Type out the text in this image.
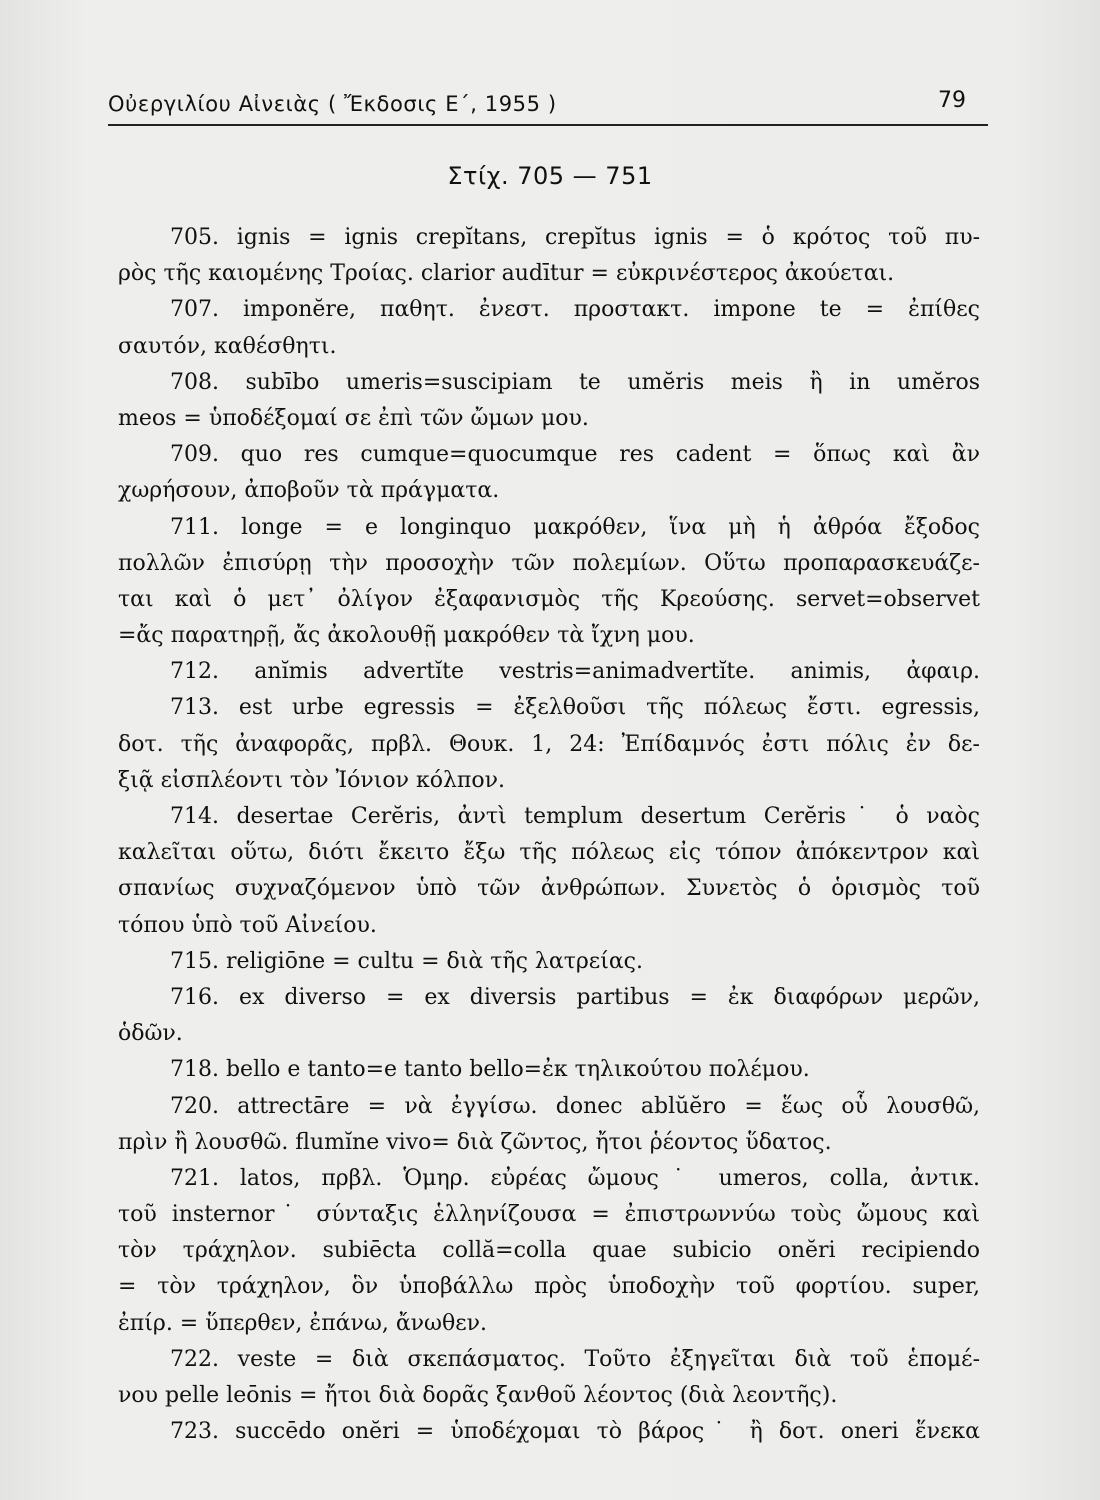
Οὐεργιλίου Αἰνειὰς ( Ἔκδοσις Ε΄, 1955 )	79
Στίχ. 705 — 751
705. ignis = ignis crepĭtans, crepĭtus ignis = ὁ κρότος τοῦ πυ-
ρὸς τῆς καιομένης Τροίας. clarior audītur = εὐκρινέστερος ἀκούεται.
707. imponĕre, παθητ. ἐνεστ. προστακτ. impone te = ἐπίθες
σαυτόν, καθέσθητι.
708. subībo umeris=suscipiam te umĕris meis ἢ in umĕros
meos = ὑποδέξομαί σε ἐπὶ τῶν ὤμων μου.
709. quo res cumque=quocumque res cadent = ὅπως καὶ ἂν
χωρήσουν, ἀποβοῦν τὰ πράγματα.
711. longe = e longinquo μακρόθεν, ἵνα μὴ ἡ ἀθρόα ἔξοδος
πολλῶν ἐπισύρῃ τὴν προσοχὴν τῶν πολεμίων. Οὕτω προπαρασκευάζε-
ται καὶ ὁ μετ᾽ ὀλίγον ἐξαφανισμὸς τῆς Κρεούσης. servet=observet
=ἄς παρατηρῇ, ἄς ἀκολουθῇ μακρόθεν τὰ ἴχνη μου.
712. anĭmis advertĭte vestris=animadvertĭte. animis, ἀφαιρ.
713. est urbe egressis = ἐξελθοῦσι τῆς πόλεως ἔστι. egressis,
δοτ. τῆς ἀναφορᾶς, πρβλ. Θουκ. 1, 24: Ἐπίδαμνός ἐστι πόλις ἐν δε-
ξιᾷ εἰσπλέοντι τὸν Ἰόνιον κόλπον.
714. desertae Cerĕris, ἀντὶ templum desertum Cerĕris˙ ὁ ναὸς
καλεῖται οὕτω, διότι ἔκειτο ἔξω τῆς πόλεως εἰς τόπον ἀπόκεντρον καὶ
σπανίως συχναζόμενον ὑπὸ τῶν ἀνθρώπων. Συνετὸς ὁ ὁρισμὸς τοῦ
τόπου ὑπὸ τοῦ Αἰνείου.
715. religiōne = cultu = διὰ τῆς λατρείας.
716. ex diverso = ex diversis partibus = ἐκ διαφόρων μερῶν,
ὁδῶν.
718. bello e tanto=e tanto bello=ἐκ τηλικούτου πολέμου.
720. attrectāre = νὰ ἐγγίσω. donec ablŭĕro = ἕως οὗ λουσθῶ,
πρὶν ἢ λουσθῶ. flumĭne vivo= διὰ ζῶντος, ἤτοι ῥέοντος ὕδατος.
721. latos, πρβλ. Ὁμηρ. εὐρέας ὤμους˙ umeros, colla, ἀντικ.
τοῦ insternor˙ σύνταξις ἑλληνίζουσα = ἐπιστρωννύω τοὺς ὤμους καὶ
τὸν τράχηλον. subiēcta collă=colla quae subicio onĕri recipiendo
= τὸν τράχηλον, ὃν ὑποβάλλω πρὸς ὑποδοχὴν τοῦ φορτίου. super,
ἐπίρ. = ὕπερθεν, ἐπάνω, ἄνωθεν.
722. veste = διὰ σκεπάσματος. Τοῦτο ἐξηγεῖται διὰ τοῦ ἑπομέ-
νου pelle leōnis = ἤτοι διὰ δορᾶς ξανθοῦ λέοντος (διὰ λεοντῆς).
723. succēdo onĕri = ὑποδέχομαι τὸ βάρος˙ ἢ δοτ. oneri ἕνεκα
